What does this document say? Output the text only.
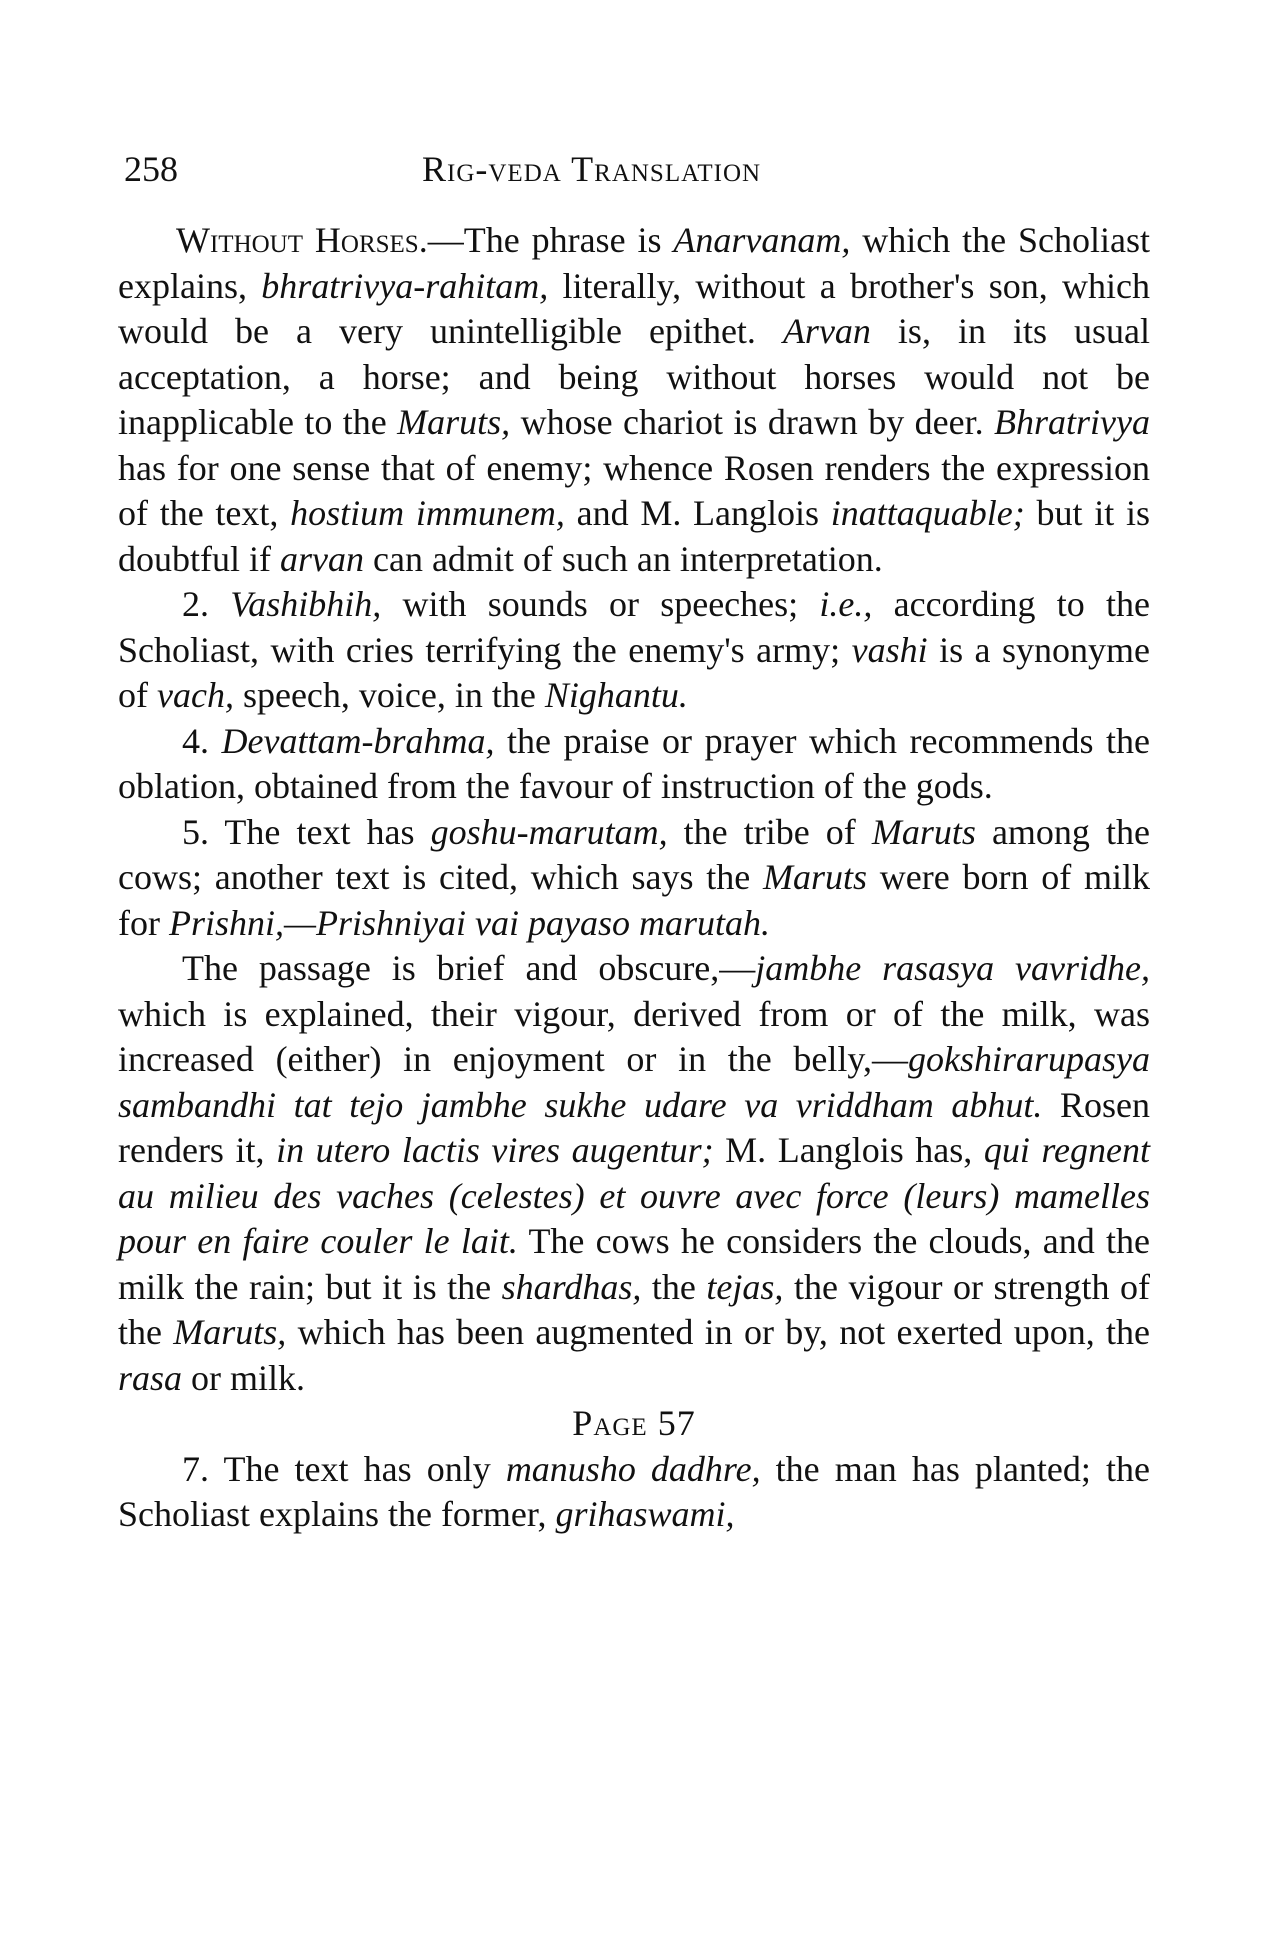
258	Rig-veda Translation

Without Horses.—The phrase is Anarvanam, which the Scholiast explains, bhratrivya-rahitam, literally, without a brother's son, which would be a very unintelligible epithet. Arvan is, in its usual acceptation, a horse; and being without horses would not be inapplicable to the Maruts, whose chariot is drawn by deer. Bhratrivya has for one sense that of enemy; whence Rosen renders the expression of the text, hostium immunem, and M. Langlois inattaquable; but it is doubtful if arvan can admit of such an interpretation.

2. Vashibhih, with sounds or speeches; i.e., according to the Scholiast, with cries terrifying the enemy's army; vashi is a synonyme of vach, speech, voice, in the Nighantu.

4. Devattam-brahma, the praise or prayer which recommends the oblation, obtained from the favour of instruction of the gods.

5. The text has goshu-marutam, the tribe of Maruts among the cows; another text is cited, which says the Maruts were born of milk for Prishni,—Prishniyai vai payaso marutah.

The passage is brief and obscure,—jambhe rasasya vavridhe, which is explained, their vigour, derived from or of the milk, was increased (either) in enjoyment or in the belly,—gokshirarupasya sambandhi tat tejo jambhe sukhe udare va vriddham abhut. Rosen renders it, in utero lactis vires augentur; M. Langlois has, qui regnent au milieu des vaches (celestes) et ouvre avec force (leurs) mamelles pour en faire couler le lait. The cows he considers the clouds, and the milk the rain; but it is the shardhas, the tejas, the vigour or strength of the Maruts, which has been augmented in or by, not exerted upon, the rasa or milk.

Page 57

7. The text has only manusho dadhre, the man has planted; the Scholiast explains the former, grihaswami,
